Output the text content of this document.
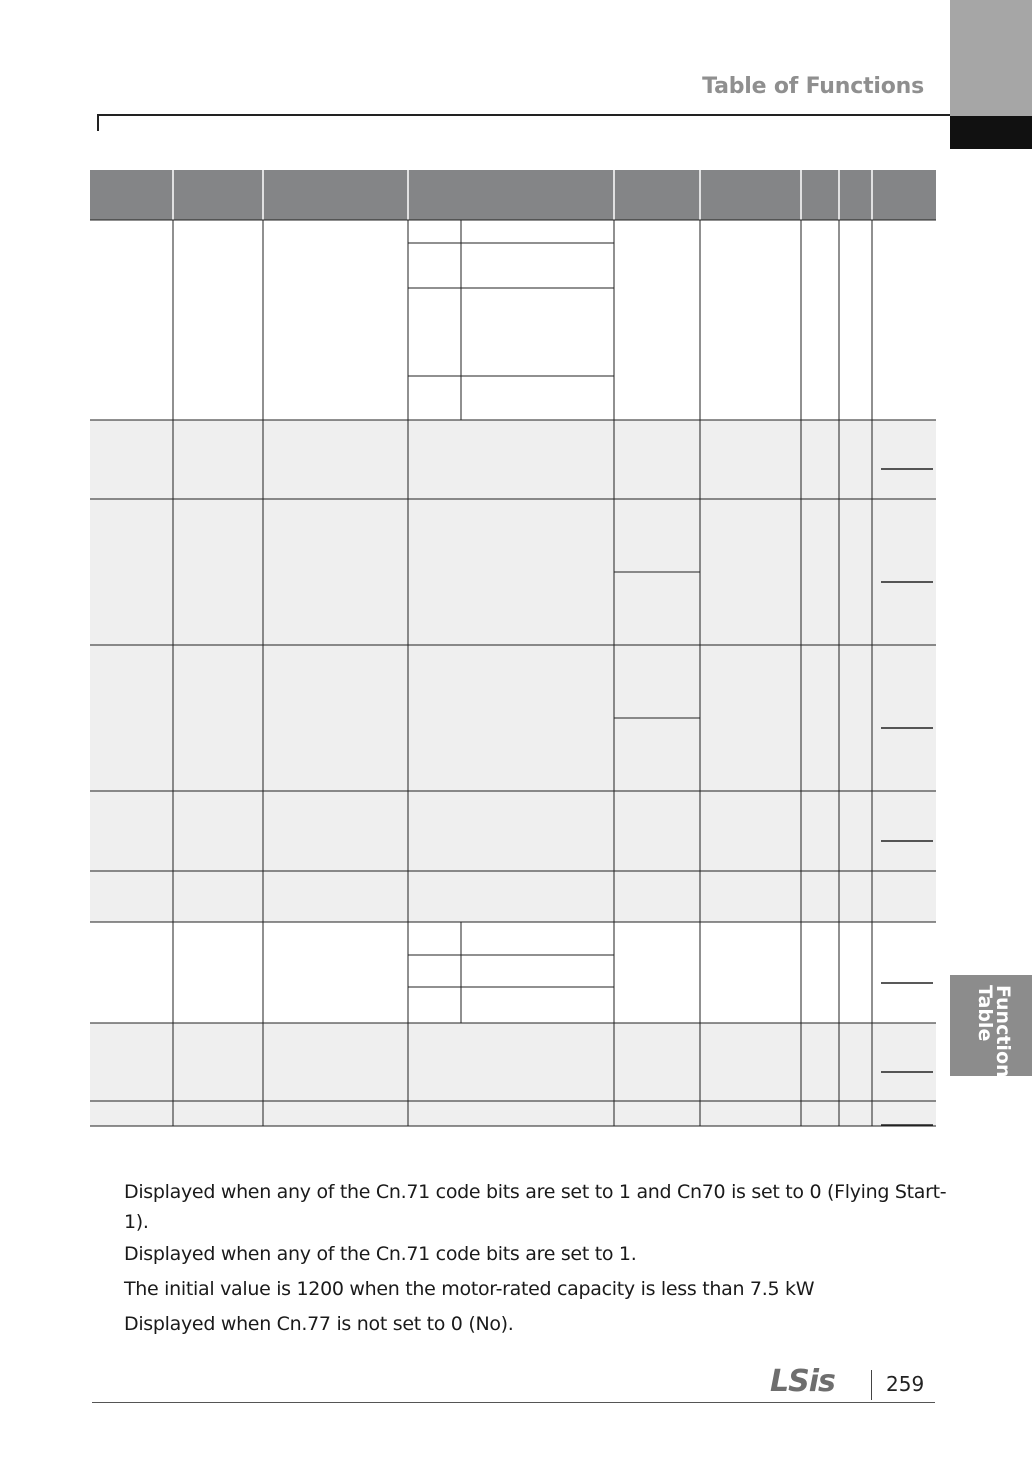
Table of Functions
Function
Table
Displayed when any of the Cn.71 code bits are set to 1 and Cn70 is set to 0 (Flying Start-
1).
Displayed when any of the Cn.71 code bits are set to 1.
The initial value is 1200 when the motor-rated capacity is less than 7.5 kW
Displayed when Cn.77 is not set to 0 (No).
LSis	259
